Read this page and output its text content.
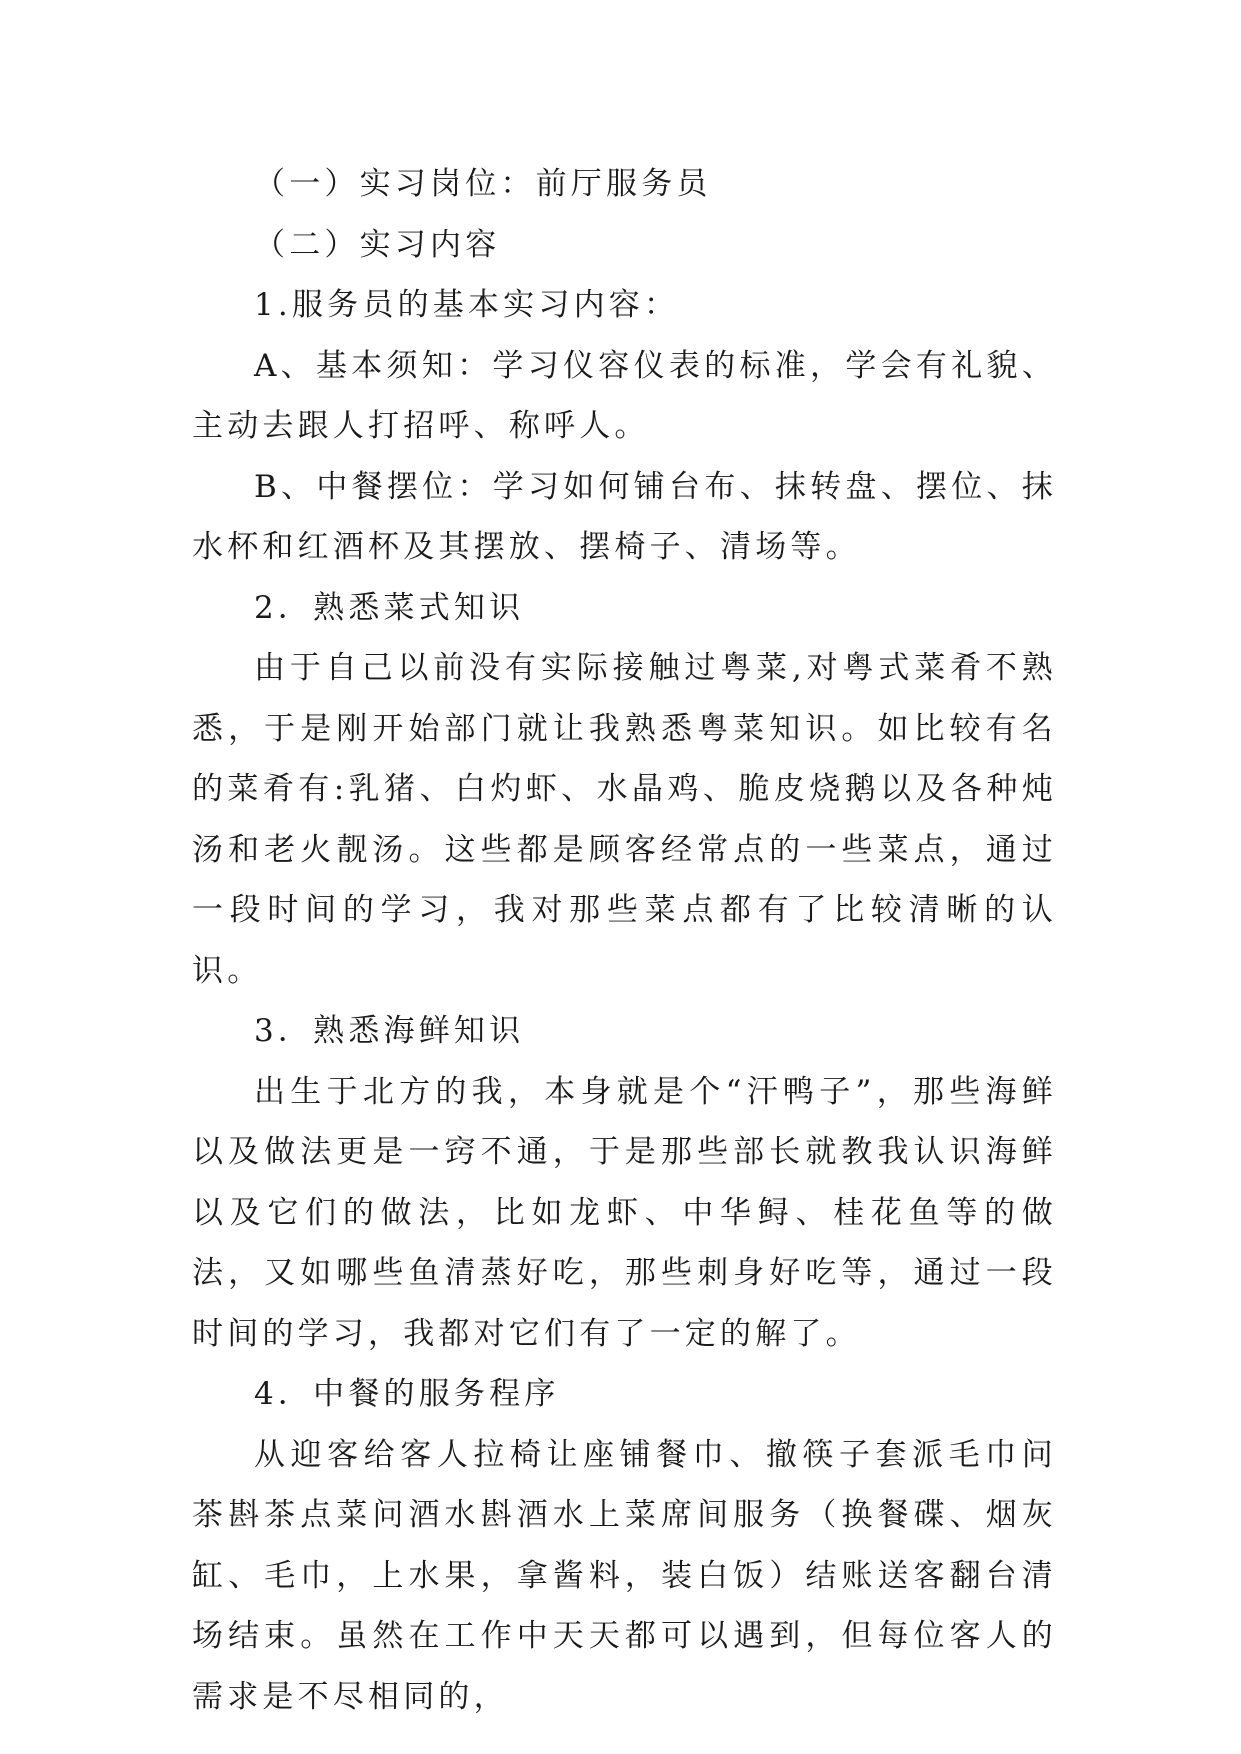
（一）实习岗位：前厅服务员

（二）实习内容

1.服务员的基本实习内容：

A、基本须知：学习仪容仪表的标准，学会有礼貌、主动去跟人打招呼、称呼人。

B、中餐摆位：学习如何铺台布、抹转盘、摆位、抹水杯和红酒杯及其摆放、摆椅子、清场等。

2．熟悉菜式知识

由于自己以前没有实际接触过粤菜,对粤式菜肴不熟悉，于是刚开始部门就让我熟悉粤菜知识。如比较有名的菜肴有:乳猪、白灼虾、水晶鸡、脆皮烧鹅以及各种炖汤和老火靓汤。这些都是顾客经常点的一些菜点，通过一段时间的学习，我对那些菜点都有了比较清晰的认识。

3．熟悉海鲜知识

出生于北方的我，本身就是个“汗鸭子”，那些海鲜以及做法更是一窍不通，于是那些部长就教我认识海鲜以及它们的做法，比如龙虾、中华鲟、桂花鱼等的做法，又如哪些鱼清蒸好吃，那些刺身好吃等，通过一段时间的学习，我都对它们有了一定的解了。

4．中餐的服务程序

从迎客给客人拉椅让座铺餐巾、撤筷子套派毛巾问茶斟茶点菜问酒水斟酒水上菜席间服务（换餐碟、烟灰缸、毛巾，上水果，拿酱料，装白饭）结账送客翻台清场结束。虽然在工作中天天都可以遇到，但每位客人的需求是不尽相同的，
